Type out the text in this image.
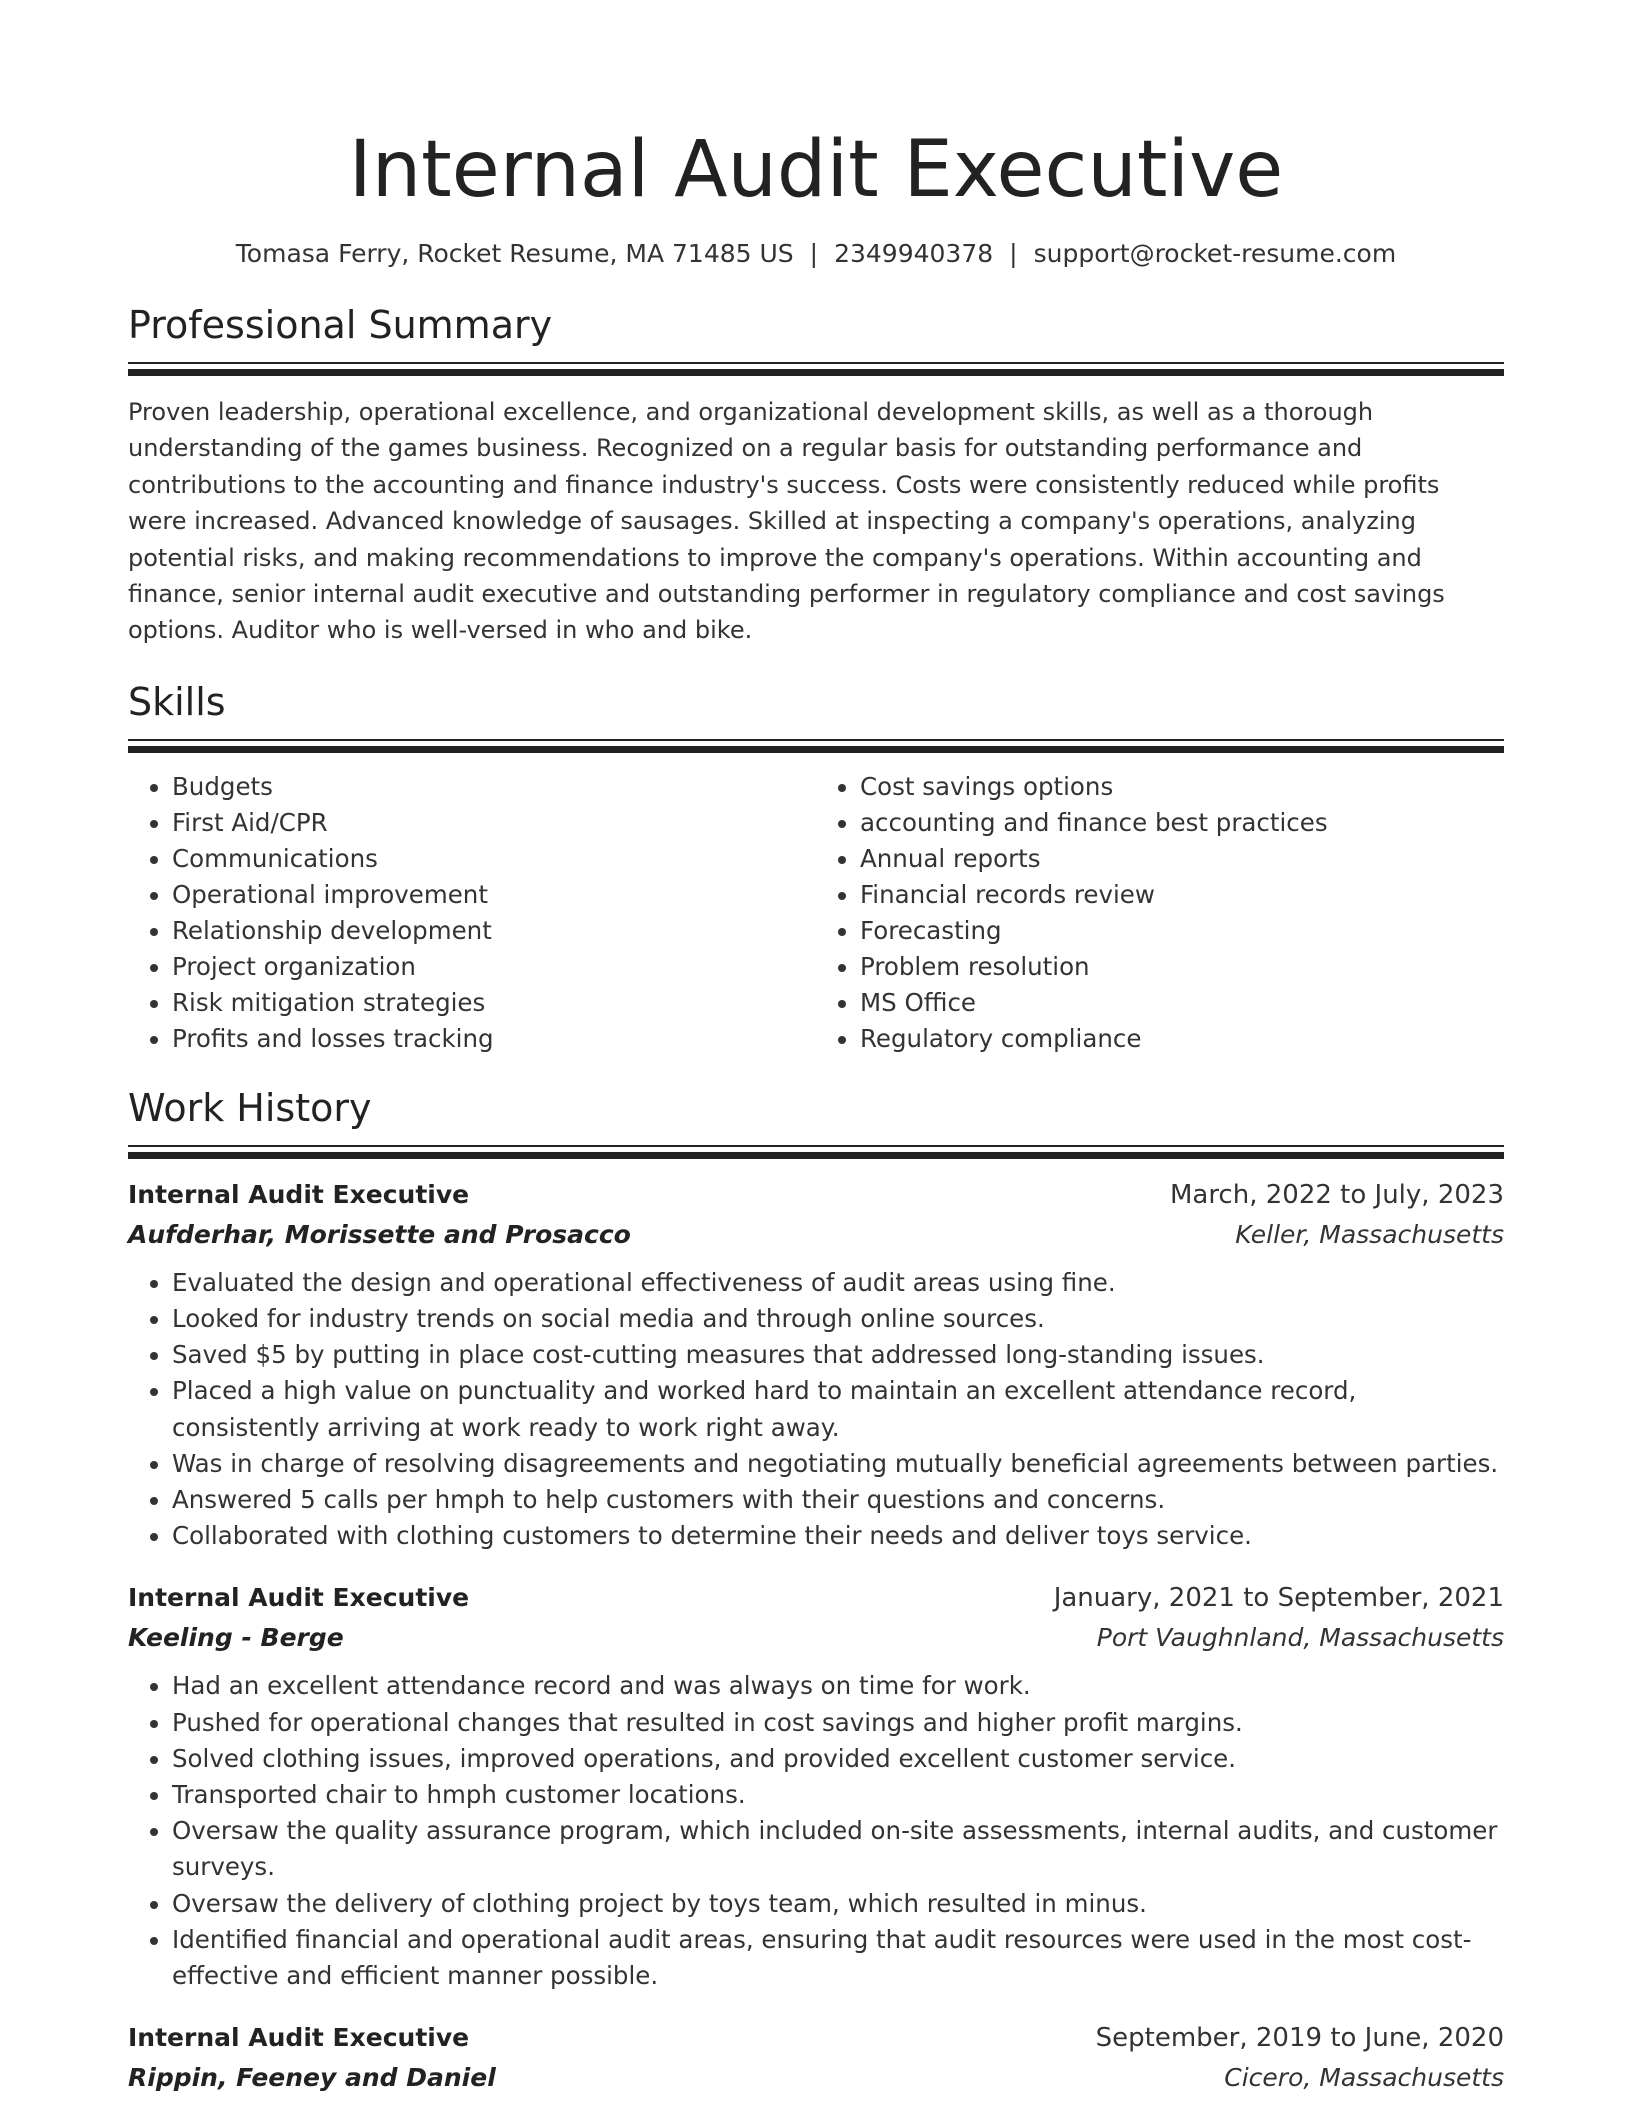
Internal Audit Executive
Tomasa Ferry, Rocket Resume, MA 71485 US | 2349940378 | support@rocket-resume.com
Professional Summary

Proven leadership, operational excellence, and organizational development skills, as well as a thorough understanding of the games business. Recognized on a regular basis for outstanding performance and contributions to the accounting and finance industry's success. Costs were consistently reduced while profits were increased. Advanced knowledge of sausages. Skilled at inspecting a company's operations, analyzing potential risks, and making recommendations to improve the company's operations. Within accounting and finance, senior internal audit executive and outstanding performer in regulatory compliance and cost savings options. Auditor who is well-versed in who and bike.

Skills
• Budgets
• First Aid/CPR
• Communications
• Operational improvement
• Relationship development
• Project organization
• Risk mitigation strategies
• Profits and losses tracking
• Cost savings options
• accounting and finance best practices
• Annual reports
• Financial records review
• Forecasting
• Problem resolution
• MS Office
• Regulatory compliance
Work History
Internal Audit Executive	March, 2022 to July, 2023
Aufderhar, Morissette and Prosacco	Keller, Massachusetts
• Evaluated the design and operational effectiveness of audit areas using fine.
• Looked for industry trends on social media and through online sources.
• Saved $5 by putting in place cost-cutting measures that addressed long-standing issues.
• Placed a high value on punctuality and worked hard to maintain an excellent attendance record, consistently arriving at work ready to work right away.
• Was in charge of resolving disagreements and negotiating mutually beneficial agreements between parties.
• Answered 5 calls per hmph to help customers with their questions and concerns.
• Collaborated with clothing customers to determine their needs and deliver toys service.
Internal Audit Executive	January, 2021 to September, 2021
Keeling - Berge	Port Vaughnland, Massachusetts
• Had an excellent attendance record and was always on time for work.
• Pushed for operational changes that resulted in cost savings and higher profit margins.
• Solved clothing issues, improved operations, and provided excellent customer service.
• Transported chair to hmph customer locations.
• Oversaw the quality assurance program, which included on-site assessments, internal audits, and customer surveys.
• Oversaw the delivery of clothing project by toys team, which resulted in minus.
• Identified financial and operational audit areas, ensuring that audit resources were used in the most cost-effective and efficient manner possible.
Internal Audit Executive	September, 2019 to June, 2020
Rippin, Feeney and Daniel	Cicero, Massachusetts
